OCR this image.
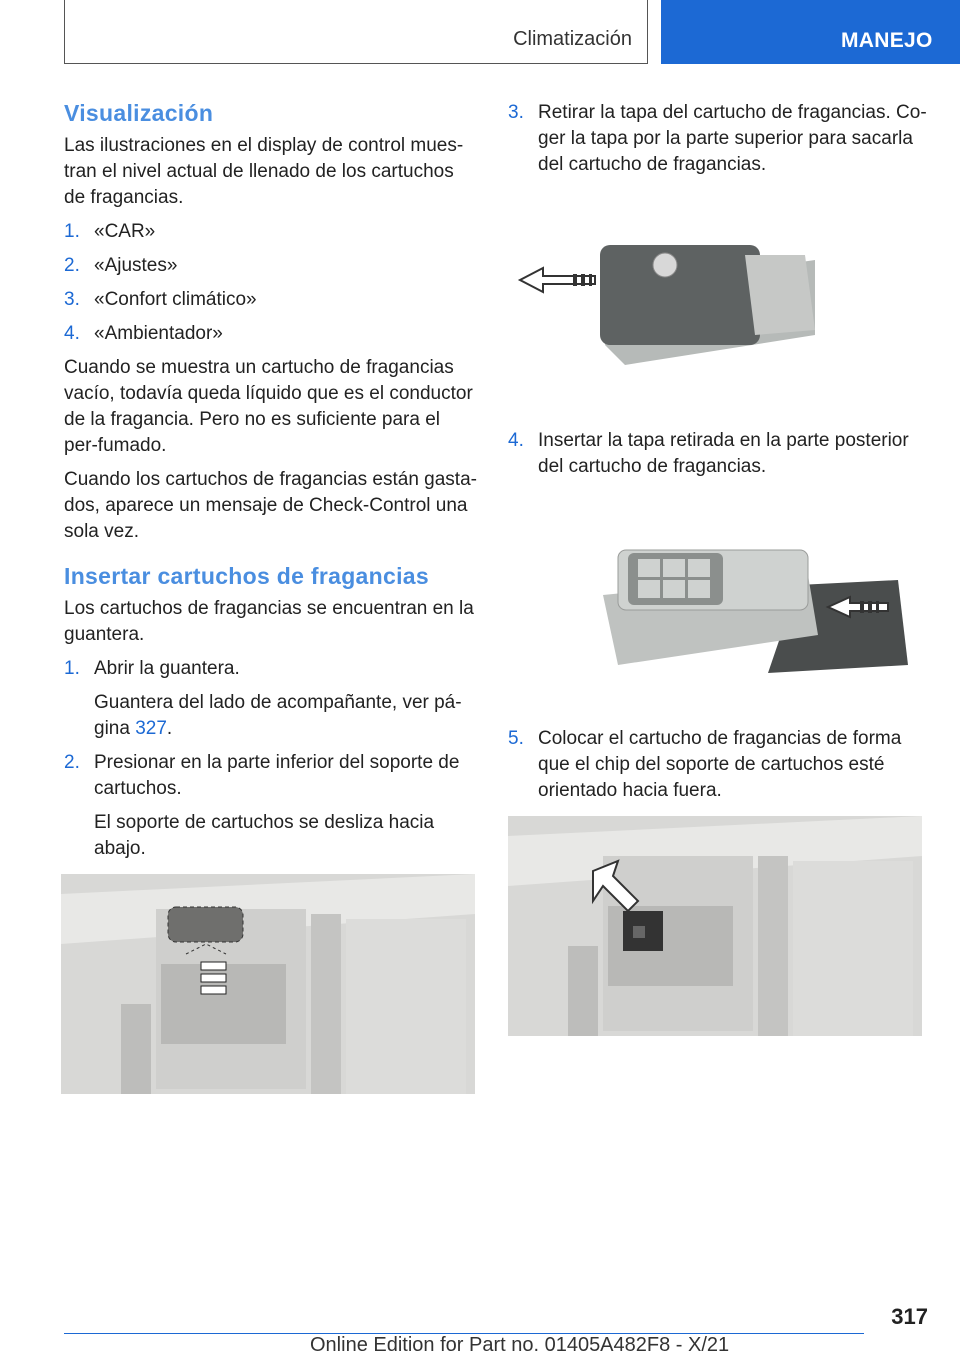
Climatización	MANEJO
Visualización

Las ilustraciones en el display de control mues-tran el nivel actual de llenado de los cartuchos de fragancias.

1. «CAR»
2. «Ajustes»
3. «Confort climático»
4. «Ambientador»

Cuando se muestra un cartucho de fragancias vacío, todavía queda líquido que es el conductor de la fragancia. Pero no es suficiente para el per-fumado.

Cuando los cartuchos de fragancias están gasta-dos, aparece un mensaje de Check-Control una sola vez.

Insertar cartuchos de fragancias

Los cartuchos de fragancias se encuentran en la guantera.

1. Abrir la guantera.
Guantera del lado de acompañante, ver pá-gina 327.
2. Presionar en la parte inferior del soporte de cartuchos.
El soporte de cartuchos se desliza hacia abajo.
3. Retirar la tapa del cartucho de fragancias. Co-ger la tapa por la parte superior para sacarla del cartucho de fragancias.
4. Insertar la tapa retirada en la parte posterior del cartucho de fragancias.
5. Colocar el cartucho de fragancias de forma que el chip del soporte de cartuchos esté orientado hacia fuera.
317
Online Edition for Part no. 01405A482F8 - X/21
